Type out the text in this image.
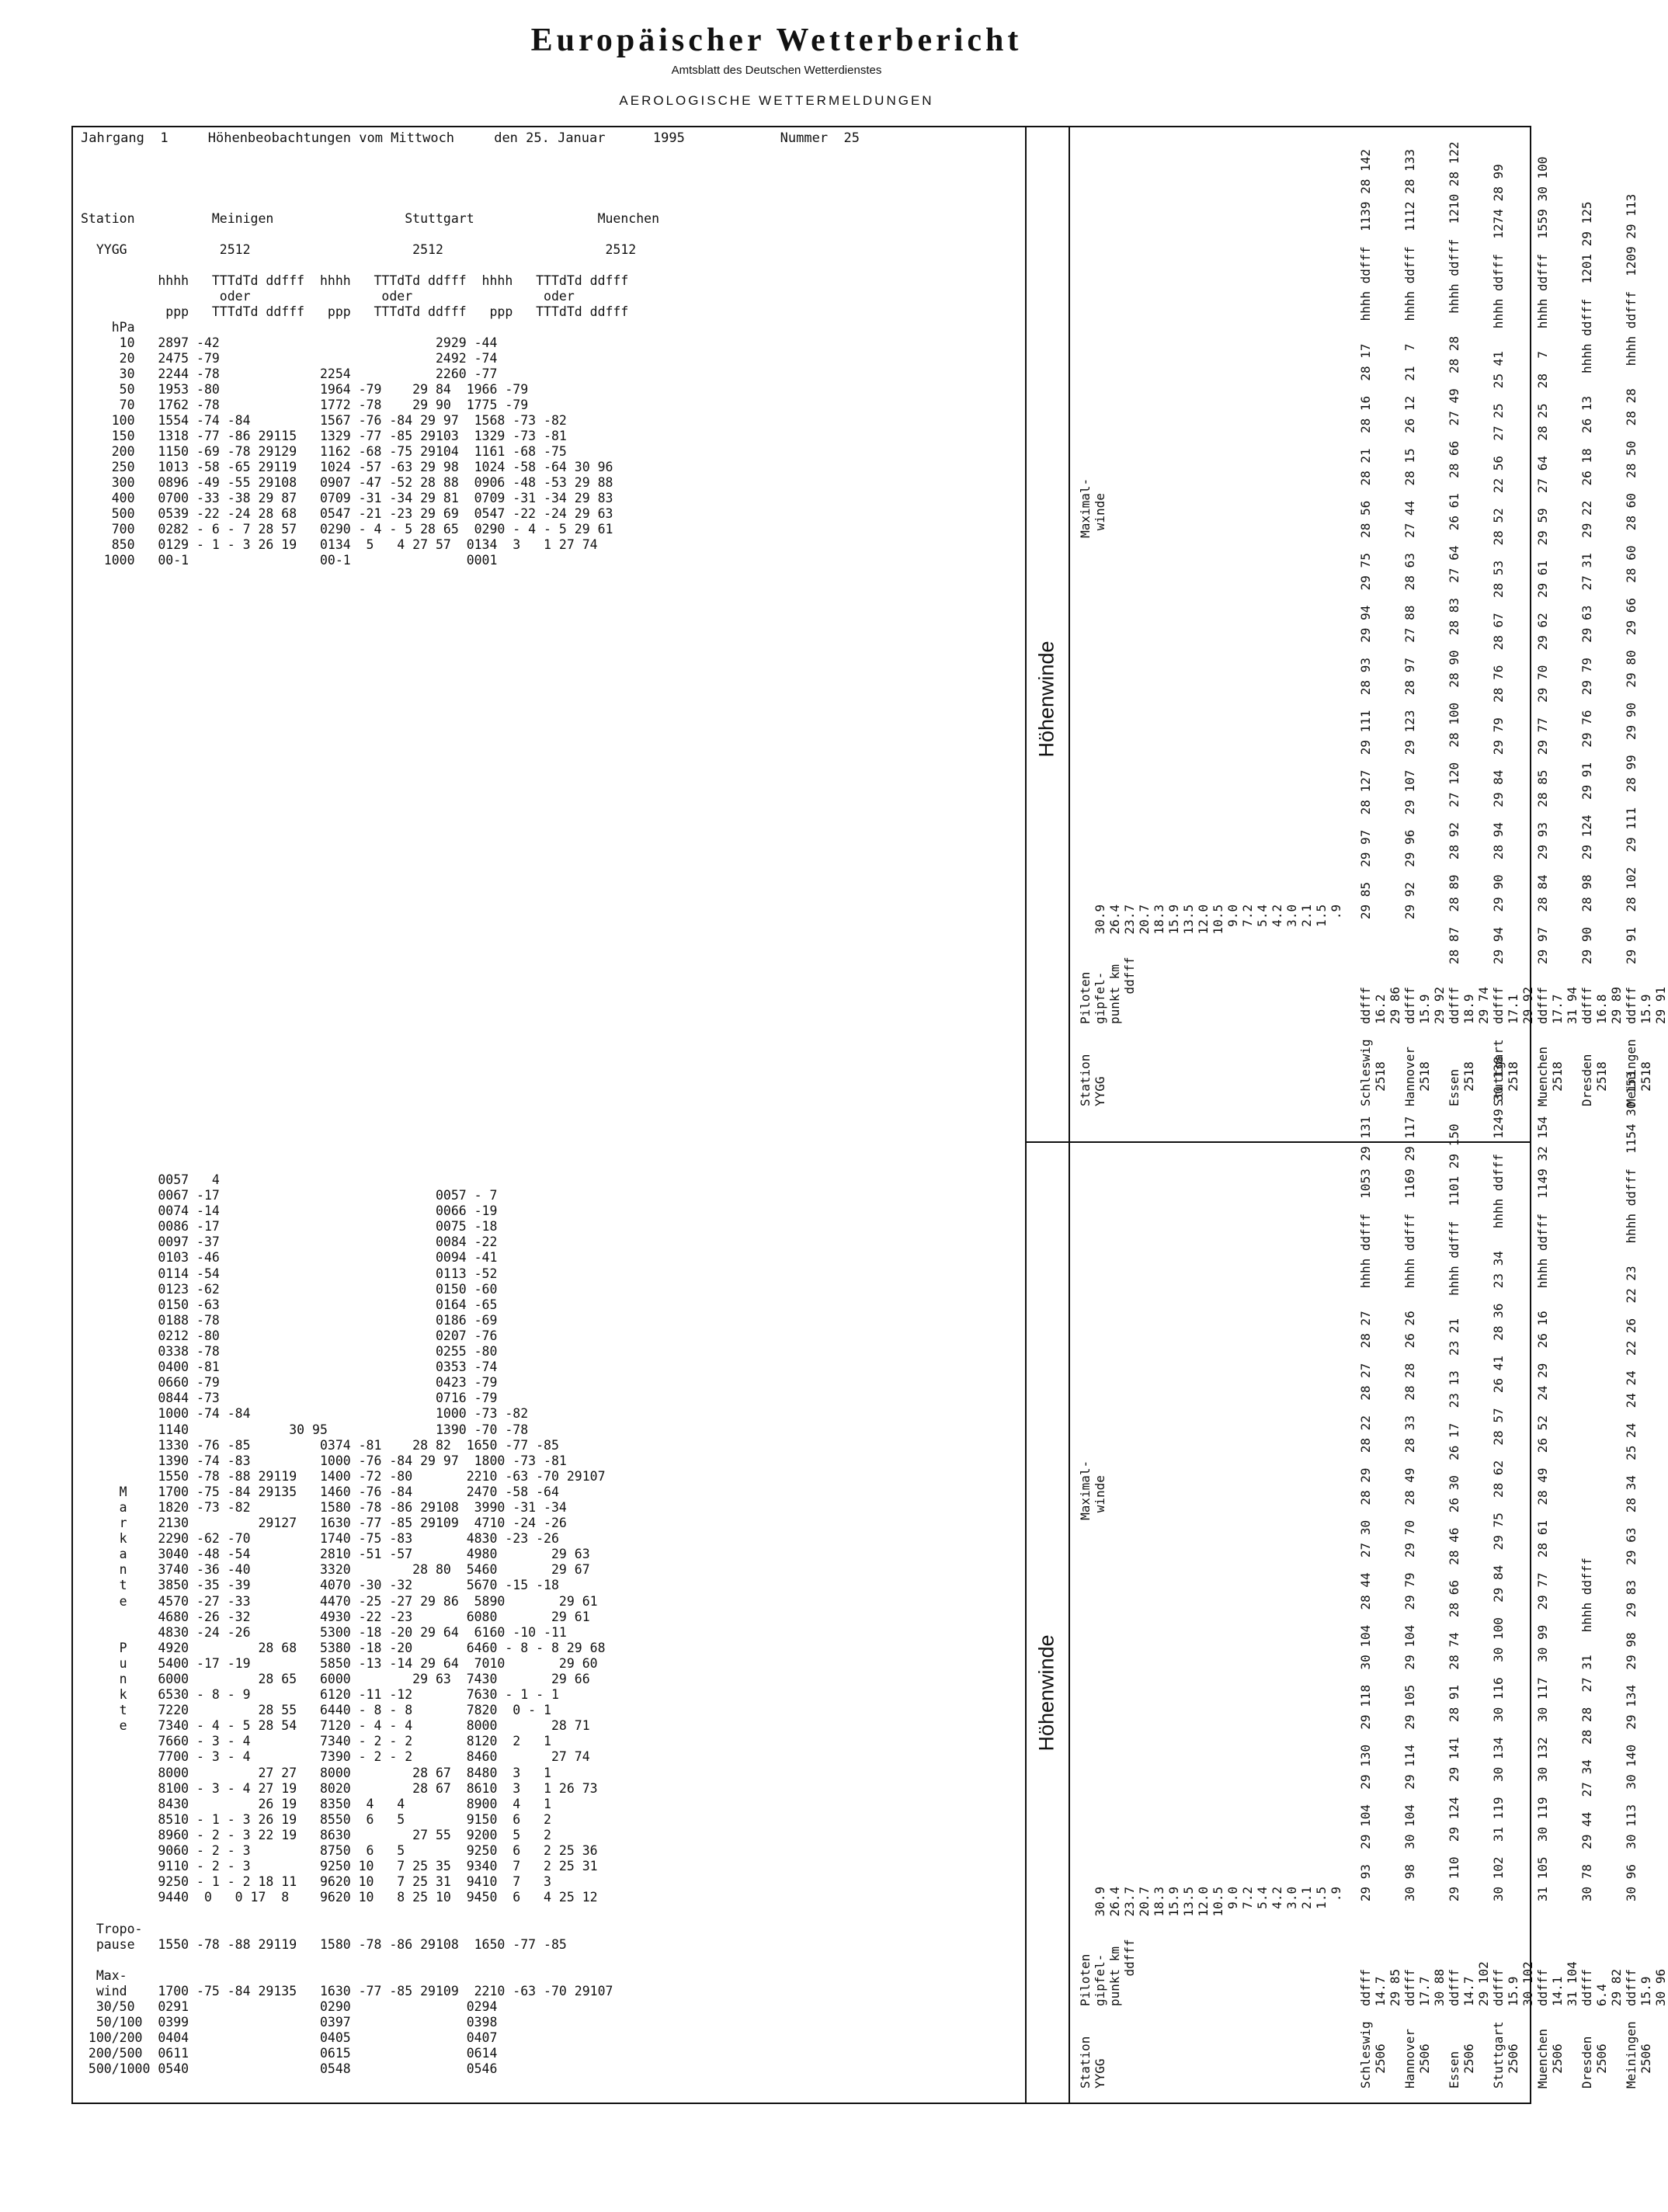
Europäischer Wetterbericht
Amtsblatt des Deutschen Wetterdienstes
AEROLOGISCHE WETTERMELDUNGEN
Jahrgang  1     Höhenbeobachtungen vom Mittwoch     den 25. Januar      1995            Nummer  25
Station          Meinigen                 Stuttgart                Muenchen

YYGG            2512                     2512                     2512

hhhh   TTTdTd ddfff  hhhh   TTTdTd ddfff  hhhh   TTTdTd ddfff
oder                 oder                 oder
ppp   TTTdTd ddfff   ppp   TTTdTd ddfff   ppp   TTTdTd ddfff
hPa
10   2897 -42                            2929 -44
20   2475 -79                            2492 -74
30   2244 -78             2254           2260 -77
50   1953 -80             1964 -79    29 84  1966 -79
70   1762 -78             1772 -78    29 90  1775 -79
100   1554 -74 -84         1567 -76 -84 29 97  1568 -73 -82
150   1318 -77 -86 29115   1329 -77 -85 29103  1329 -73 -81
200   1150 -69 -78 29129   1162 -68 -75 29104  1161 -68 -75
250   1013 -58 -65 29119   1024 -57 -63 29 98  1024 -58 -64 30 96
300   0896 -49 -55 29108   0907 -47 -52 28 88  0906 -48 -53 29 88
400   0700 -33 -38 29 87   0709 -31 -34 29 81  0709 -31 -34 29 83
500   0539 -22 -24 28 68   0547 -21 -23 29 69  0547 -22 -24 29 63
700   0282 - 6 - 7 28 57   0290 - 4 - 5 28 65  0290 - 4 - 5 29 61
850   0129 - 1 - 3 26 19   0134  5   4 27 57  0134  3   1 27 74
1000   00-1                 00-1               0001
0057   4
0067 -17                            0057 - 7
0074 -14                            0066 -19
0086 -17                            0075 -18
0097 -37                            0084 -22
0103 -46                            0094 -41
0114 -54                            0113 -52
0123 -62                            0150 -60
0150 -63                            0164 -65
0188 -78                            0186 -69
0212 -80                            0207 -76
0338 -78                            0255 -80
0400 -81                            0353 -74
0660 -79                            0423 -79
0844 -73                            0716 -79
1000 -74 -84                        1000 -73 -82
1140             30 95              1390 -70 -78
1330 -76 -85         0374 -81    28 82  1650 -77 -85
1390 -74 -83         1000 -76 -84 29 97  1800 -73 -81
1550 -78 -88 29119   1400 -72 -80       2210 -63 -70 29107
M    1700 -75 -84 29135   1460 -76 -84       2470 -58 -64
a    1820 -73 -82         1580 -78 -86 29108  3990 -31 -34
r    2130         29127   1630 -77 -85 29109  4710 -24 -26
k    2290 -62 -70         1740 -75 -83       4830 -23 -26
a    3040 -48 -54         2810 -51 -57       4980       29 63
n    3740 -36 -40         3320        28 80  5460       29 67
t    3850 -35 -39         4070 -30 -32       5670 -15 -18
e    4570 -27 -33         4470 -25 -27 29 86  5890       29 61
4680 -26 -32         4930 -22 -23       6080       29 61
4830 -24 -26         5300 -18 -20 29 64  6160 -10 -11
P    4920         28 68   5380 -18 -20       6460 - 8 - 8 29 68
u    5400 -17 -19         5850 -13 -14 29 64  7010       29 60
n    6000         28 65   6000        29 63  7430       29 66
k    6530 - 8 - 9         6120 -11 -12       7630 - 1 - 1
t    7220         28 55   6440 - 8 - 8       7820  0 - 1
e    7340 - 4 - 5 28 54   7120 - 4 - 4       8000       28 71
7660 - 3 - 4         7340 - 2 - 2       8120  2   1
7700 - 3 - 4         7390 - 2 - 2       8460       27 74
8000         27 27   8000        28 67  8480  3   1
8100 - 3 - 4 27 19   8020        28 67  8610  3   1 26 73
8430         26 19   8350  4   4        8900  4   1
8510 - 1 - 3 26 19   8550  6   5        9150  6   2
8960 - 2 - 3 22 19   8630        27 55  9200  5   2
9060 - 2 - 3         8750  6   5        9250  6   2 25 36
9110 - 2 - 3         9250 10   7 25 35  9340  7   2 25 31
9250 - 1 - 2 18 11   9620 10   7 25 31  9410  7   3
9440  0   0 17  8    9620 10   8 25 10  9450  6   4 25 12

Tropo-
pause   1550 -78 -88 29119   1580 -78 -86 29108  1650 -77 -85

Max-
wind    1700 -75 -84 29135   1630 -77 -85 29109  2210 -63 -70 29107
30/50   0291                 0290               0294
50/100  0399                 0397               0398
100/200  0404                 0405               0407
200/500  0611                 0615               0614
500/1000 0540                 0548               0546
Höhenwinde
Höhenwinde
Station    Piloten                                                          Maximal-
YYGG       gipfel-     30.9                                                  winde
punkt km    26.4
ddfff   23.7
20.7
18.3
15.9
13.5
12.0
10.5
9.0
7.2
5.4
4.2
3.0
2.1
1.5
.9

Schleswig  ddfff         29 85  29 97  28 127  29 111  28 93  29 94  29 75  28 56  28 21  28 16  28 17   hhhh ddfff  1139 28 142
2518     16.2
29 86
Hannover   ddfff         29 92  29 96  29 107  29 123  28 97  27 88  28 63  27 44  28 15  26 12  21  7   hhhh ddfff  1112 28 133
2518     15.9
29 92
Essen      ddfff   28 87  28 89  28 92  27 120  28 100  28 90  28 83  27 64  26 61  28 66  27 49  28 28   hhhh ddfff  1210 28 122
2518     18.9
29 74
Stuttgart  ddfff   29 94  29 90  28 94  29 84  29 79  28 76  28 67  28 53  28 52  22 56  27 25  25 41   hhhh ddfff  1274 28 99
2518     17.1
29 92
Muenchen   ddfff   29 97  28 84  29 93  28 85  29 77  29 70  29 62  29 61  29 59  27 64  28 25  28  7   hhhh ddfff  1559 30 100
2518     17.7
31 94
Dresden    ddfff   29 90  28 98  29 124  29 91  29 76  29 79  29 63  27 31  29 22  26 18  26 13   hhhh ddfff  1201 29 125
2518     16.8
29 89
Meiningen  ddfff   29 91  28 102  29 111  28 99  29 90  29 80  29 66  28 60  28 60  28 50  28 28   hhhh ddfff  1209 29 113
2518     15.9
29 91
Station    Piloten                                                          Maximal-
YYGG       gipfel-     30.9                                                  winde
punkt km    26.4
ddfff   23.7
20.7
18.3
15.9
13.5
12.0
10.5
9.0
7.2
5.4
4.2
3.0
2.1
1.5
.9

Schleswig  ddfff         29 93  29 104  29 130  29 118  30 104  28 44  27 30  28 29  28 22  28 27  28 27   hhhh ddfff  1053 29 131
2506     14.7
29 85
Hannover   ddfff         30 98  30 104  29 114  29 105  29 104  29 79  29 70  28 49  28 33  28 28  26 26   hhhh ddfff  1169 29 117
2506     17.7
30 88
Essen      ddfff         29 110  29 124  29 141  28 91  28 74  28 66  28 46  26 30  26 17  23 13  23 21   hhhh ddfff  1101 29 150
2506     14.7
29 102
Stuttgart  ddfff         30 102  31 119  30 134  30 116  30 100  29 84  29 75  28 62  28 57  26 41  28 36  23 34   hhhh ddfff  1249 30 138
2506     15.9
30 102
Muenchen   ddfff         31 105  30 119  30 132  30 117  30 99  29 77  28 61  28 49  26 52  24 29  26 16   hhhh ddfff  1149 32 154
2506     14.1
31 104
Dresden    ddfff         30 78  29 44  27 34  28 28  27 31   hhhh ddfff
2506     6.4
29 82
Meiningen  ddfff         30 96  30 113  30 140  29 134  29 98  29 83  29 63  28 34  25 24  24 24  22 26  22 23   hhhh ddfff  1154 30 153
2506     15.9
30 96
